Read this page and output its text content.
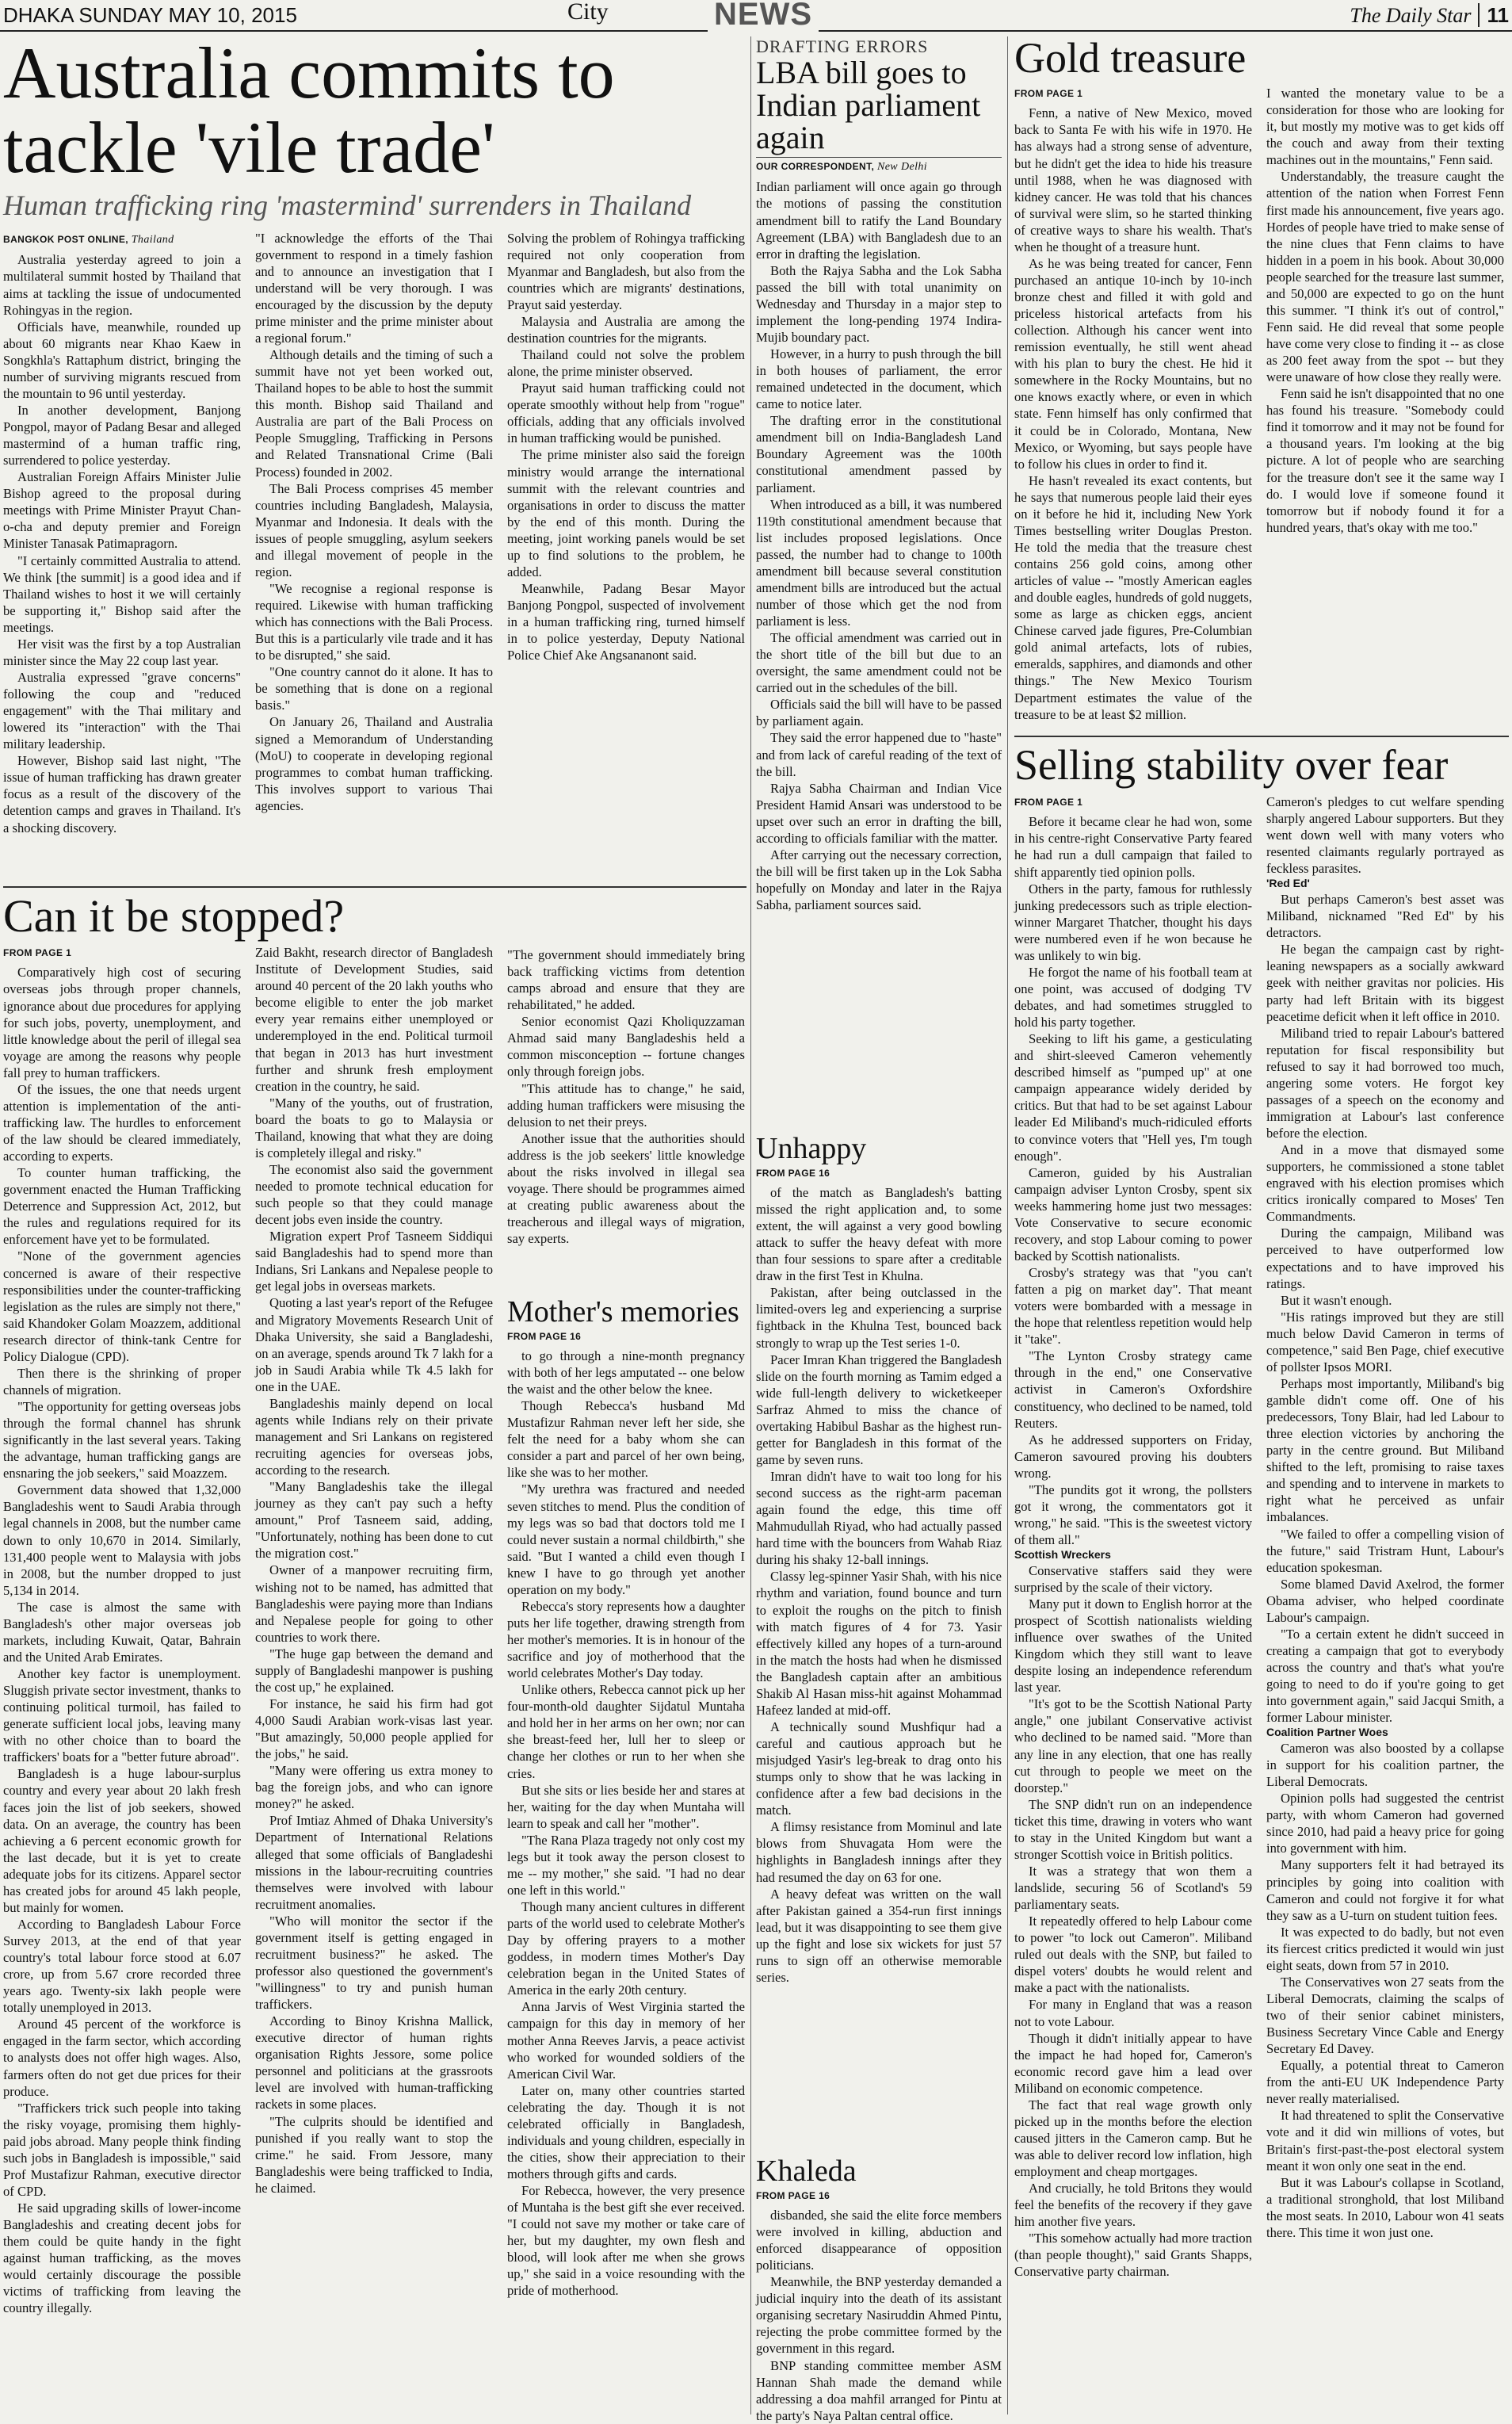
DHAKA SUNDAY MAY 10, 2015	City	NEWS	The Daily Star 11
Australia commits to tackle 'vile trade'
Human trafficking ring 'mastermind' surrenders in Thailand
BANGKOK POST ONLINE, Thailand

Australia yesterday agreed to join a multilateral summit hosted by Thailand that aims at tackling the issue of undocumented Rohingyas in the region.

Officials have, meanwhile, rounded up about 60 migrants near Khao Kaew in Songkhla's Rattaphum district, bringing the number of surviving migrants rescued from the mountain to 96 until yesterday.

In another development, Banjong Pongpol, mayor of Padang Besar and alleged mastermind of a human traffic ring, surrendered to police yesterday.

Australian Foreign Affairs Minister Julie Bishop agreed to the proposal during meetings with Prime Minister Prayut Chan-o-cha and deputy premier and Foreign Minister Tanasak Patimapragorn.

"I certainly committed Australia to attend. We think [the summit] is a good idea and if Thailand wishes to host it we will certainly be supporting it," Bishop said after the meetings.

Her visit was the first by a top Australian minister since the May 22 coup last year.

Australia expressed "grave concerns" following the coup and "reduced engagement" with the Thai military and lowered its "interaction" with the Thai military leadership.

However, Bishop said last night, "The issue of human trafficking has drawn greater focus as a result of the discovery of the detention camps and graves in Thailand. It's a shocking discovery.

"I acknowledge the efforts of the Thai government to respond in a timely fashion and to announce an investigation that I understand will be very thorough. I was encouraged by the discussion by the deputy prime minister and the prime minister about a regional forum."

Although details and the timing of such a summit have not yet been worked out, Thailand hopes to be able to host the summit this month. Bishop said Thailand and Australia are part of the Bali Process on People Smuggling, Trafficking in Persons and Related Transnational Crime (Bali Process) founded in 2002.

The Bali Process comprises 45 member countries including Bangladesh, Malaysia, Myanmar and Indonesia. It deals with the issues of people smuggling, asylum seekers and illegal movement of people in the region.

"We recognise a regional response is required. Likewise with human trafficking which has connections with the Bali Process. But this is a particularly vile trade and it has to be disrupted," she said.

"One country cannot do it alone. It has to be something that is done on a regional basis."

On January 26, Thailand and Australia signed a Memorandum of Understanding (MoU) to cooperate in developing regional programmes to combat human trafficking. This involves support to various Thai agencies.

Solving the problem of Rohingya trafficking required not only cooperation from Myanmar and Bangladesh, but also from the countries which are migrants' destinations, Prayut said yesterday.

Malaysia and Australia are among the destination countries for the migrants.

Thailand could not solve the problem alone, the prime minister observed.

Prayut said human trafficking could not operate smoothly without help from "rogue" officials, adding that any officials involved in human trafficking would be punished.

The prime minister also said the foreign ministry would arrange the international summit with the relevant countries and organisations in order to discuss the matter by the end of this month. During the meeting, joint working panels would be set up to find solutions to the problem, he added.

Meanwhile, Padang Besar Mayor Banjong Pongpol, suspected of involvement in a human trafficking ring, turned himself in to police yesterday, Deputy National Police Chief Ake Angsananont said.

Can it be stopped?
FROM PAGE 1

Comparatively high cost of securing overseas jobs through proper channels, ignorance about due procedures for applying for such jobs, poverty, unemployment, and little knowledge about the peril of illegal sea voyage are among the reasons why people fall prey to human traffickers.

Of the issues, the one that needs urgent attention is implementation of the anti-trafficking law. The hurdles to enforcement of the law should be cleared immediately, according to experts.

To counter human trafficking, the government enacted the Human Trafficking Deterrence and Suppression Act, 2012, but the rules and regulations required for its enforcement have yet to be formulated.

"None of the government agencies concerned is aware of their respective responsibilities under the counter-trafficking legislation as the rules are simply not there," said Khandoker Golam Moazzem, additional research director of think-tank Centre for Policy Dialogue (CPD).

Then there is the shrinking of proper channels of migration.

"The opportunity for getting overseas jobs through the formal channel has shrunk significantly in the last several years. Taking the advantage, human trafficking gangs are ensnaring the job seekers," said Moazzem.

Government data showed that 1,32,000 Bangladeshis went to Saudi Arabia through legal channels in 2008, but the number came down to only 10,670 in 2014. Similarly, 131,400 people went to Malaysia with jobs in 2008, but the number dropped to just 5,134 in 2014.

The case is almost the same with Bangladesh's other major overseas job markets, including Kuwait, Qatar, Bahrain and the United Arab Emirates.

Another key factor is unemployment. Sluggish private sector investment, thanks to continuing political turmoil, has failed to generate sufficient local jobs, leaving many with no other choice than to board the traffickers' boats for a "better future abroad".

Bangladesh is a huge labour-surplus country and every year about 20 lakh fresh faces join the list of job seekers, showed data. On an average, the country has been achieving a 6 percent economic growth for the last decade, but it is yet to create adequate jobs for its citizens. Apparel sector has created jobs for around 45 lakh people, but mainly for women.

According to Bangladesh Labour Force Survey 2013, at the end of that year country's total labour force stood at 6.07 crore, up from 5.67 crore recorded three years ago. Twenty-six lakh people were totally unemployed in 2013.

Around 45 percent of the workforce is engaged in the farm sector, which according to analysts does not offer high wages. Also, farmers often do not get due prices for their produce.

"Traffickers trick such people into taking the risky voyage, promising them highly-paid jobs abroad. Many people think finding such jobs in Bangladesh is impossible," said Prof Mustafizur Rahman, executive director of CPD.

He said upgrading skills of lower-income Bangladeshis and creating decent jobs for them could be quite handy in the fight against human trafficking, as the moves would certainly discourage the possible victims of trafficking from leaving the country illegally.

Zaid Bakht, research director of Bangladesh Institute of Development Studies, said around 40 percent of the 20 lakh youths who become eligible to enter the job market every year remains either unemployed or underemployed in the end. Political turmoil that began in 2013 has hurt investment further and shrunk fresh employment creation in the country, he said.

"Many of the youths, out of frustration, board the boats to go to Malaysia or Thailand, knowing that what they are doing is completely illegal and risky."

The economist also said the government needed to promote technical education for such people so that they could manage decent jobs even inside the country.

Migration expert Prof Tasneem Siddiqui said Bangladeshis had to spend more than Indians, Sri Lankans and Nepalese people to get legal jobs in overseas markets.

Quoting a last year's report of the Refugee and Migratory Movements Research Unit of Dhaka University, she said a Bangladeshi, on an average, spends around Tk 7 lakh for a job in Saudi Arabia while Tk 4.5 lakh for one in the UAE.

Bangladeshis mainly depend on local agents while Indians rely on their private management and Sri Lankans on registered recruiting agencies for overseas jobs, according to the research.

"Many Bangladeshis take the illegal journey as they can't pay such a hefty amount," Prof Tasneem said, adding, "Unfortunately, nothing has been done to cut the migration cost."

Owner of a manpower recruiting firm, wishing not to be named, has admitted that Bangladeshis were paying more than Indians and Nepalese people for going to other countries to work there.

"The huge gap between the demand and supply of Bangladeshi manpower is pushing the cost up," he explained.

For instance, he said his firm had got 4,000 Saudi Arabian work-visas last year. "But amazingly, 50,000 people applied for the jobs," he said.

"Many were offering us extra money to bag the foreign jobs, and who can ignore money?" he asked.

Prof Imtiaz Ahmed of Dhaka University's Department of International Relations alleged that some officials of Bangladeshi missions in the labour-recruiting countries themselves were involved with labour recruitment anomalies.

"Who will monitor the sector if the government itself is getting engaged in recruitment business?" he asked. The professor also questioned the government's "willingness" to try and punish human traffickers.

According to Binoy Krishna Mallick, executive director of human rights organisation Rights Jessore, some police personnel and politicians at the grassroots level are involved with human-trafficking rackets in some places.

"The culprits should be identified and punished if you really want to stop the crime." he said. From Jessore, many Bangladeshis were being trafficked to India, he claimed.

"The government should immediately bring back trafficking victims from detention camps abroad and ensure that they are rehabilitated," he added.

Senior economist Qazi Kholiquzzaman Ahmad said many Bangladeshis held a common misconception -- fortune changes only through foreign jobs.

"This attitude has to change," he said, adding human traffickers were misusing the delusion to net their preys.

Another issue that the authorities should address is the job seekers' little knowledge about the risks involved in illegal sea voyage. There should be programmes aimed at creating public awareness about the treacherous and illegal ways of migration, say experts.

Mother's memories
FROM PAGE 16

to go through a nine-month pregnancy with both of her legs amputated -- one below the waist and the other below the knee.

Though Rebecca's husband Md Mustafizur Rahman never left her side, she felt the need for a baby whom she can consider a part and parcel of her own being, like she was to her mother.

"My urethra was fractured and needed seven stitches to mend. Plus the condition of my legs was so bad that doctors told me I could never sustain a normal childbirth," she said. "But I wanted a child even though I knew I have to go through yet another operation on my body."

Rebecca's story represents how a daughter puts her life together, drawing strength from her mother's memories. It is in honour of the sacrifice and joy of motherhood that the world celebrates Mother's Day today.

Unlike others, Rebecca cannot pick up her four-month-old daughter Sijdatul Muntaha and hold her in her arms on her own; nor can she breast-feed her, lull her to sleep or change her clothes or run to her when she cries.

But she sits or lies beside her and stares at her, waiting for the day when Muntaha will learn to speak and call her "mother".

"The Rana Plaza tragedy not only cost my legs but it took away the person closest to me -- my mother," she said. "I had no dear one left in this world."

Though many ancient cultures in different parts of the world used to celebrate Mother's Day by offering prayers to a mother goddess, in modern times Mother's Day celebration began in the United States of America in the early 20th century.

Anna Jarvis of West Virginia started the campaign for this day in memory of her mother Anna Reeves Jarvis, a peace activist who worked for wounded soldiers of the American Civil War.

Later on, many other countries started celebrating the day. Though it is not celebrated officially in Bangladesh, individuals and young children, especially in the cities, show their appreciation to their mothers through gifts and cards.

For Rebecca, however, the very presence of Muntaha is the best gift she ever received. "I could not save my mother or take care of her, but my daughter, my own flesh and blood, will look after me when she grows up," she said in a voice resounding with the pride of motherhood.

DRAFTING ERRORS
LBA bill goes to Indian parliament again
OUR CORRESPONDENT, New Delhi

Indian parliament will once again go through the motions of passing the constitution amendment bill to ratify the Land Boundary Agreement (LBA) with Bangladesh due to an error in drafting the legislation.

Both the Rajya Sabha and the Lok Sabha passed the bill with total unanimity on Wednesday and Thursday in a major step to implement the long-pending 1974 Indira-Mujib boundary pact.

However, in a hurry to push through the bill in both houses of parliament, the error remained undetected in the document, which came to notice later.

The drafting error in the constitutional amendment bill on India-Bangladesh Land Boundary Agreement was the 100th constitutional amendment passed by parliament.

When introduced as a bill, it was numbered 119th constitutional amendment because that list includes proposed legislations. Once passed, the number had to change to 100th amendment bill because several constitution amendment bills are introduced but the actual number of those which get the nod from parliament is less.

The official amendment was carried out in the short title of the bill but due to an oversight, the same amendment could not be carried out in the schedules of the bill.

Officials said the bill will have to be passed by parliament again.

They said the error happened due to "haste" and from lack of careful reading of the text of the bill.

Rajya Sabha Chairman and Indian Vice President Hamid Ansari was understood to be upset over such an error in drafting the bill, according to officials familiar with the matter.

After carrying out the necessary correction, the bill will be first taken up in the Lok Sabha hopefully on Monday and later in the Rajya Sabha, parliament sources said.

Unhappy
FROM PAGE 16

of the match as Bangladesh's batting missed the right application and, to some extent, the will against a very good bowling attack to suffer the heavy defeat with more than four sessions to spare after a creditable draw in the first Test in Khulna.

Pakistan, after being outclassed in the limited-overs leg and experiencing a surprise fightback in the Khulna Test, bounced back strongly to wrap up the Test series 1-0.

Pacer Imran Khan triggered the Bangladesh slide on the fourth morning as Tamim edged a wide full-length delivery to wicketkeeper Sarfraz Ahmed to miss the chance of overtaking Habibul Bashar as the highest run-getter for Bangladesh in this format of the game by seven runs.

Imran didn't have to wait too long for his second success as the right-arm paceman again found the edge, this time off Mahmudullah Riyad, who had actually passed hard time with the bouncers from Wahab Riaz during his shaky 12-ball innings.

Classy leg-spinner Yasir Shah, with his nice rhythm and variation, found bounce and turn to exploit the roughs on the pitch to finish with match figures of 4 for 73. Yasir effectively killed any hopes of a turn-around in the match the hosts had when he dismissed the Bangladesh captain after an ambitious Shakib Al Hasan miss-hit against Mohammad Hafeez landed at mid-off.

A technically sound Mushfiqur had a careful and cautious approach but he misjudged Yasir's leg-break to drag onto his stumps only to show that he was lacking in confidence after a few bad decisions in the match.

A flimsy resistance from Mominul and late blows from Shuvagata Hom were the highlights in Bangladesh innings after they had resumed the day on 63 for one.

A heavy defeat was written on the wall after Pakistan gained a 354-run first innings lead, but it was disappointing to see them give up the fight and lose six wickets for just 57 runs to sign off an otherwise memorable series.

Khaleda
FROM PAGE 16

disbanded, she said the elite force members were involved in killing, abduction and enforced disappearance of opposition politicians.

Meanwhile, the BNP yesterday demanded a judicial inquiry into the death of its assistant organising secretary Nasiruddin Ahmed Pintu, rejecting the probe committee formed by the government in this regard.

BNP standing committee member ASM Hannan Shah made the demand while addressing a doa mahfil arranged for Pintu at the party's Naya Paltan central office.

Gold treasure
FROM PAGE 1

Fenn, a native of New Mexico, moved back to Santa Fe with his wife in 1970. He has always had a strong sense of adventure, but he didn't get the idea to hide his treasure until 1988, when he was diagnosed with kidney cancer. He was told that his chances of survival were slim, so he started thinking of creative ways to share his wealth. That's when he thought of a treasure hunt.

As he was being treated for cancer, Fenn purchased an antique 10-inch by 10-inch bronze chest and filled it with gold and priceless historical artefacts from his collection. Although his cancer went into remission eventually, he still went ahead with his plan to bury the chest. He hid it somewhere in the Rocky Mountains, but no one knows exactly where, or even in which state. Fenn himself has only confirmed that it could be in Colorado, Montana, New Mexico, or Wyoming, but says people have to follow his clues in order to find it.

He hasn't revealed its exact contents, but he says that numerous people laid their eyes on it before he hid it, including New York Times bestselling writer Douglas Preston. He told the media that the treasure chest contains 256 gold coins, among other articles of value -- "mostly American eagles and double eagles, hundreds of gold nuggets, some as large as chicken eggs, ancient Chinese carved jade figures, Pre-Columbian gold animal artefacts, lots of rubies, emeralds, sapphires, and diamonds and other things." The New Mexico Tourism Department estimates the value of the treasure to be at least $2 million.

I wanted the monetary value to be a consideration for those who are looking for it, but mostly my motive was to get kids off the couch and away from their texting machines out in the mountains," Fenn said.

Understandably, the treasure caught the attention of the nation when Forrest Fenn first made his announcement, five years ago. Hordes of people have tried to make sense of the nine clues that Fenn claims to have hidden in a poem in his book. About 30,000 people searched for the treasure last summer, and 50,000 are expected to go on the hunt this summer. "I think it's out of control," Fenn said. He did reveal that some people have come very close to finding it -- as close as 200 feet away from the spot -- but they were unaware of how close they really were.

Fenn said he isn't disappointed that no one has found his treasure. "Somebody could find it tomorrow and it may not be found for a thousand years. I'm looking at the big picture. A lot of people who are searching for the treasure don't see it the same way I do. I would love if someone found it tomorrow but if nobody found it for a hundred years, that's okay with me too."

Selling stability over fear
FROM PAGE 1

Before it became clear he had won, some in his centre-right Conservative Party feared he had run a dull campaign that failed to shift apparently tied opinion polls.

Others in the party, famous for ruthlessly junking predecessors such as triple election-winner Margaret Thatcher, thought his days were numbered even if he won because he was unlikely to win big.

He forgot the name of his football team at one point, was accused of dodging TV debates, and had sometimes struggled to hold his party together.

Seeking to lift his game, a gesticulating and shirt-sleeved Cameron vehemently described himself as "pumped up" at one campaign appearance widely derided by critics. But that had to be set against Labour leader Ed Miliband's much-ridiculed efforts to convince voters that "Hell yes, I'm tough enough".

Cameron, guided by his Australian campaign adviser Lynton Crosby, spent six weeks hammering home just two messages: Vote Conservative to secure economic recovery, and stop Labour coming to power backed by Scottish nationalists.

Crosby's strategy was that "you can't fatten a pig on market day". That meant voters were bombarded with a message in the hope that relentless repetition would help it "take".

"The Lynton Crosby strategy came through in the end," one Conservative activist in Cameron's Oxfordshire constituency, who declined to be named, told Reuters.

As he addressed supporters on Friday, Cameron savoured proving his doubters wrong.

"The pundits got it wrong, the pollsters got it wrong, the commentators got it wrong," he said. "This is the sweetest victory of them all."

Scottish Wreckers

Conservative staffers said they were surprised by the scale of their victory.

Many put it down to English horror at the prospect of Scottish nationalists wielding influence over swathes of the United Kingdom which they still want to leave despite losing an independence referendum last year.

"It's got to be the Scottish National Party angle," one jubilant Conservative activist who declined to be named said. "More than any line in any election, that one has really cut through to people we meet on the doorstep."

The SNP didn't run on an independence ticket this time, drawing in voters who want to stay in the United Kingdom but want a stronger Scottish voice in British politics.

It was a strategy that won them a landslide, securing 56 of Scotland's 59 parliamentary seats.

It repeatedly offered to help Labour come to power "to lock out Cameron". Miliband ruled out deals with the SNP, but failed to dispel voters' doubts he would relent and make a pact with the nationalists.

For many in England that was a reason not to vote Labour.

Though it didn't initially appear to have the impact he had hoped for, Cameron's economic record gave him a lead over Miliband on economic competence.

The fact that real wage growth only picked up in the months before the election caused jitters in the Cameron camp. But he was able to deliver record low inflation, high employment and cheap mortgages.

And crucially, he told Britons they would feel the benefits of the recovery if they gave him another five years.

"This somehow actually had more traction (than people thought)," said Grants Shapps, Conservative party chairman.

Cameron's pledges to cut welfare spending sharply angered Labour supporters. But they went down well with many voters who resented claimants regularly portrayed as feckless parasites.

'Red Ed'

But perhaps Cameron's best asset was Miliband, nicknamed "Red Ed" by his detractors.

He began the campaign cast by right-leaning newspapers as a socially awkward geek with neither gravitas nor policies. His party had left Britain with its biggest peacetime deficit when it left office in 2010.

Miliband tried to repair Labour's battered reputation for fiscal responsibility but refused to say it had borrowed too much, angering some voters. He forgot key passages of a speech on the economy and immigration at Labour's last conference before the election.

And in a move that dismayed some supporters, he commissioned a stone tablet engraved with his election promises which critics ironically compared to Moses' Ten Commandments.

During the campaign, Miliband was perceived to have outperformed low expectations and to have improved his ratings.

But it wasn't enough.

"His ratings improved but they are still much below David Cameron in terms of competence," said Ben Page, chief executive of pollster Ipsos MORI.

Perhaps most importantly, Miliband's big gamble didn't come off. One of his predecessors, Tony Blair, had led Labour to three election victories by anchoring the party in the centre ground. But Miliband shifted to the left, promising to raise taxes and spending and to intervene in markets to right what he perceived as unfair imbalances.

"We failed to offer a compelling vision of the future," said Tristram Hunt, Labour's education spokesman.

Some blamed David Axelrod, the former Obama adviser, who helped coordinate Labour's campaign.

"To a certain extent he didn't succeed in creating a campaign that got to everybody across the country and that's what you're going to need to do if you're going to get into government again," said Jacqui Smith, a former Labour minister.

Coalition Partner Woes

Cameron was also boosted by a collapse in support for his coalition partner, the Liberal Democrats.

Opinion polls had suggested the centrist party, with whom Cameron had governed since 2010, had paid a heavy price for going into government with him.

Many supporters felt it had betrayed its principles by going into coalition with Cameron and could not forgive it for what they saw as a U-turn on student tuition fees.

It was expected to do badly, but not even its fiercest critics predicted it would win just eight seats, down from 57 in 2010.

The Conservatives won 27 seats from the Liberal Democrats, claiming the scalps of two of their senior cabinet ministers, Business Secretary Vince Cable and Energy Secretary Ed Davey.

Equally, a potential threat to Cameron from the anti-EU UK Independence Party never really materialised.

It had threatened to split the Conservative vote and it did win millions of votes, but Britain's first-past-the-post electoral system meant it won only one seat in the end.

But it was Labour's collapse in Scotland, a traditional stronghold, that lost Miliband the most seats. In 2010, Labour won 41 seats there. This time it won just one.
